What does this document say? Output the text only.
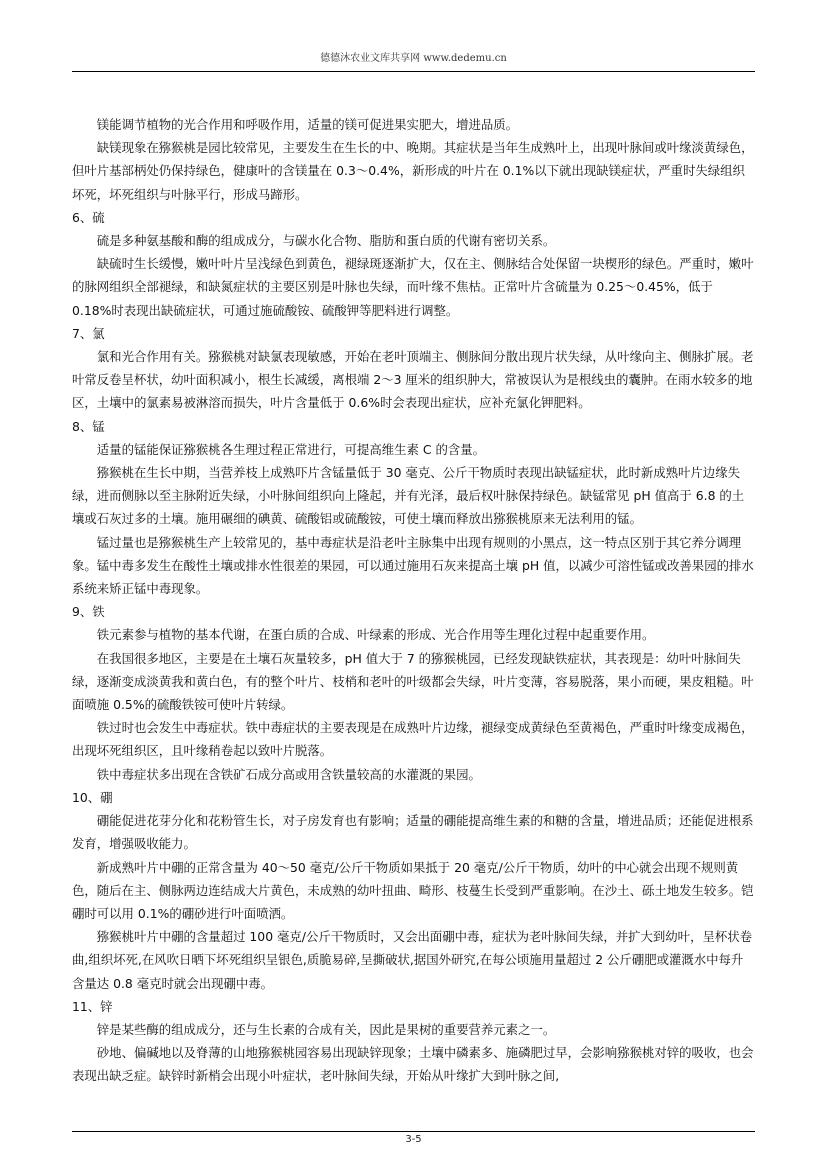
德德沐农业文库共享网 www.dedemu.cn

镁能调节植物的光合作用和呼吸作用，适量的镁可促进果实肥大，增进品质。

缺镁现象在猕猴桃是园比较常见，主要发生在生长的中、晚期。其症状是当年生成熟叶上，出现叶脉间或叶缘淡黄绿色，但叶片基部柄处仍保持绿色，健康叶的含镁量在 0.3～0.4%，新形成的叶片在 0.1%以下就出现缺镁症状，严重时失绿组织坏死，坏死组织与叶脉平行，形成马蹄形。

6、硫

硫是多种氨基酸和酶的组成成分，与碳水化合物、脂肪和蛋白质的代谢有密切关系。

缺硫时生长缓慢，嫩叶叶片呈浅绿色到黄色，褪绿斑逐渐扩大，仅在主、侧脉结合处保留一块楔形的绿色。严重时，嫩叶的脉网组织全部褪绿，和缺氮症状的主要区别是叶脉也失绿，而叶缘不焦枯。正常叶片含硫量为 0.25～0.45%，低于 0.18%时表现出缺硫症状，可通过施硫酸铵、硫酸钾等肥料进行调整。

7、氯

氯和光合作用有关。猕猴桃对缺氯表现敏感，开始在老叶顶端主、侧脉间分散出现片状失绿，从叶缘向主、侧脉扩展。老叶常反卷呈杯状，幼叶面积减小，根生长减缓，离根端 2～3 厘米的组织肿大，常被误认为是根线虫的囊肿。在雨水较多的地区，土壤中的氯素易被淋溶而损失，叶片含量低于 0.6%时会表现出症状，应补充氯化钾肥料。

8、锰

适量的锰能保证猕猴桃各生理过程正常进行，可提高维生素 C 的含量。

猕猴桃在生长中期，当营养枝上成熟吓片含锰量低于 30 毫克、公斤干物质时表现出缺锰症状，此时新成熟叶片边缘失绿，进而侧脉以至主脉附近失绿，小叶脉间组织向上隆起，并有光泽，最后权叶脉保持绿色。缺锰常见 pH 值高于 6.8 的土壤或石灰过多的土壤。施用碾细的碘黄、硫酸铝或硫酸铵，可使土壤而释放出猕猴桃原来无法利用的锰。

锰过量也是猕猴桃生产上较常见的，基中毒症状是沿老叶主脉集中出现有规则的小黑点，这一特点区别于其它养分调理象。锰中毒多发生在酸性土壤或排水性很差的果园，可以通过施用石灰来提高土壤 pH 值，以减少可溶性锰或改善果园的排水系统来矫正锰中毒现象。

9、铁

铁元素参与植物的基本代谢，在蛋白质的合成、叶绿素的形成、光合作用等生理化过程中起重要作用。

在我国很多地区，主要是在土壤石灰量较多，pH 值大于 7 的猕猴桃园，已经发现缺铁症状，其表现是：幼叶叶脉间失绿，逐渐变成淡黄我和黄白色，有的整个叶片、枝梢和老叶的叶级都会失绿，叶片变薄，容易脱落，果小而硬，果皮粗糙。叶面喷施 0.5%的硫酸铁铵可使叶片转绿。

铁过时也会发生中毒症状。铁中毒症状的主要表现是在成熟叶片边缘，褪绿变成黄绿色至黄褐色，严重时叶缘变成褐色，出现坏死组织区，且叶缘稍卷起以致叶片脱落。

铁中毒症状多出现在含铁矿石成分高或用含铁量较高的水灌溉的果园。

10、硼

硼能促进花芽分化和花粉管生长，对子房发育也有影响；适量的硼能提高维生素的和糖的含量，增进品质；还能促进根系发育，增强吸收能力。

新成熟叶片中硼的正常含量为 40～50 毫克/公斤干物质如果抵于 20 毫克/公斤干物质，幼叶的中心就会出现不规则黄色，随后在主、侧脉两边连结成大片黄色，未成熟的幼叶扭曲、畸形、枝蔓生长受到严重影响。在沙土、砾土地发生较多。铠硼时可以用 0.1%的硼砂进行叶面喷洒。

猕猴桃叶片中硼的含量超过 100 毫克/公斤干物质时，又会出面硼中毒，症状为老叶脉间失绿，并扩大到幼叶，呈杯状卷曲,组织坏死,在风吹日晒下坏死组织呈银色,质脆易碎,呈撕破状,据国外研究,在每公顷施用量超过 2 公斤硼肥或灌溉水中每升含量达 0.8 毫克时就会出现硼中毒。

11、锌

锌是某些酶的组成成分，还与生长素的合成有关，因此是果树的重要营养元素之一。

砂地、偏碱地以及脊薄的山地猕猴桃园容易出现缺锌现象；土壤中磷素多、施磷肥过早，会影响猕猴桃对锌的吸收，也会表现出缺乏症。缺锌时新梢会出现小叶症状，老叶脉间失绿，开始从叶缘扩大到叶脉之间,

3-5
